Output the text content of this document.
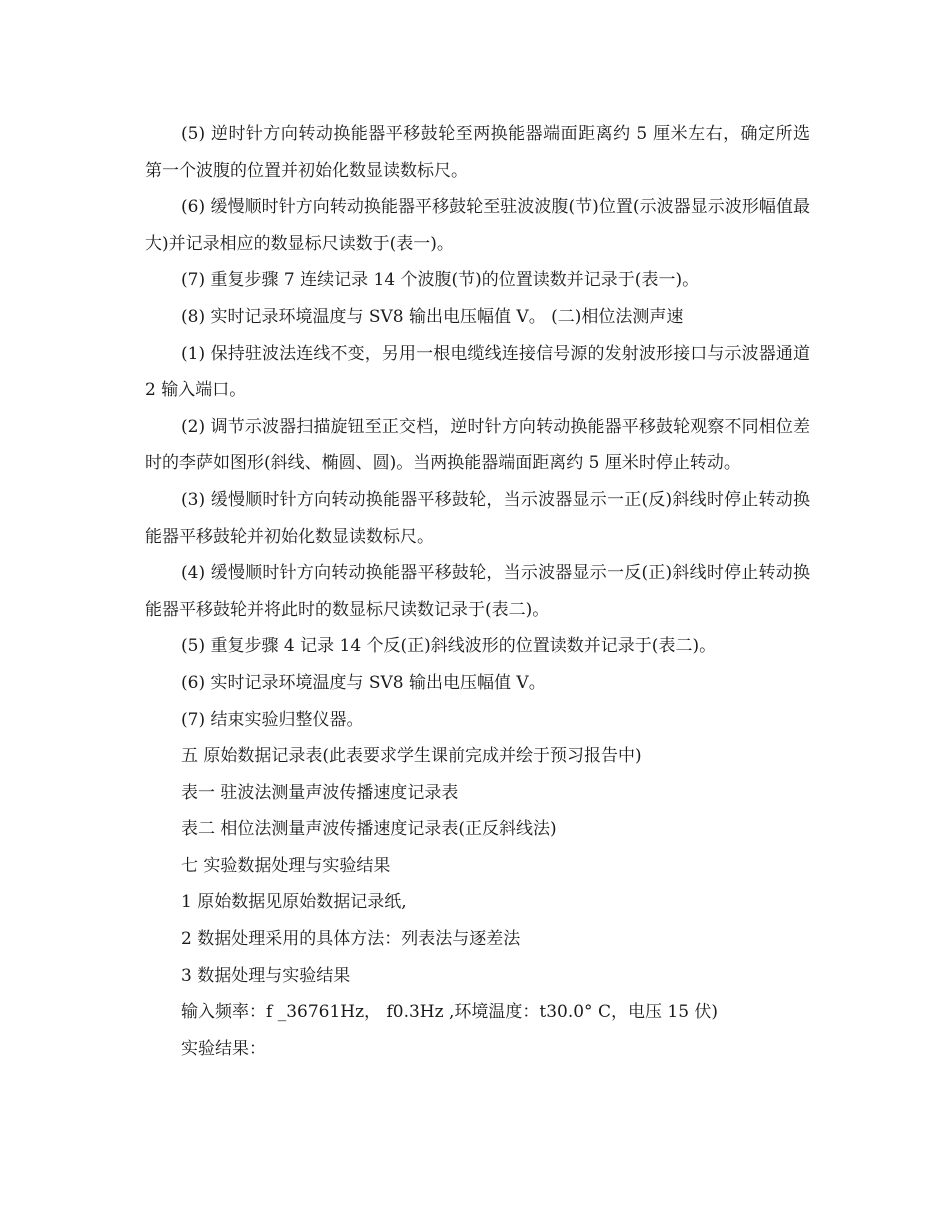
(5) 逆时针方向转动换能器平移鼓轮至两换能器端面距离约 5 厘米左右，确定所选第一个波腹的位置并初始化数显读数标尺。

(6) 缓慢顺时针方向转动换能器平移鼓轮至驻波波腹(节)位置(示波器显示波形幅值最大)并记录相应的数显标尺读数于(表一)。

(7) 重复步骤 7 连续记录 14 个波腹(节)的位置读数并记录于(表一)。

(8) 实时记录环境温度与 SV8 输出电压幅值 V。 (二)相位法测声速

(1) 保持驻波法连线不变，另用一根电缆线连接信号源的发射波形接口与示波器通道 2 输入端口。

(2) 调节示波器扫描旋钮至正交档，逆时针方向转动换能器平移鼓轮观察不同相位差时的李萨如图形(斜线、椭圆、圆)。当两换能器端面距离约 5 厘米时停止转动。

(3) 缓慢顺时针方向转动换能器平移鼓轮，当示波器显示一正(反)斜线时停止转动换能器平移鼓轮并初始化数显读数标尺。

(4) 缓慢顺时针方向转动换能器平移鼓轮，当示波器显示一反(正)斜线时停止转动换能器平移鼓轮并将此时的数显标尺读数记录于(表二)。

(5) 重复步骤 4 记录 14 个反(正)斜线波形的位置读数并记录于(表二)。

(6) 实时记录环境温度与 SV8 输出电压幅值 V。

(7) 结束实验归整仪器。

五 原始数据记录表(此表要求学生课前完成并绘于预习报告中)

表一 驻波法测量声波传播速度记录表

表二 相位法测量声波传播速度记录表(正反斜线法)

七 实验数据处理与实验结果

1 原始数据见原始数据记录纸,

2 数据处理采用的具体方法：列表法与逐差法

3 数据处理与实验结果

输入频率：f _36761Hz， f0.3Hz ,环境温度：t30.0° C，电压 15 伏)

实验结果：
